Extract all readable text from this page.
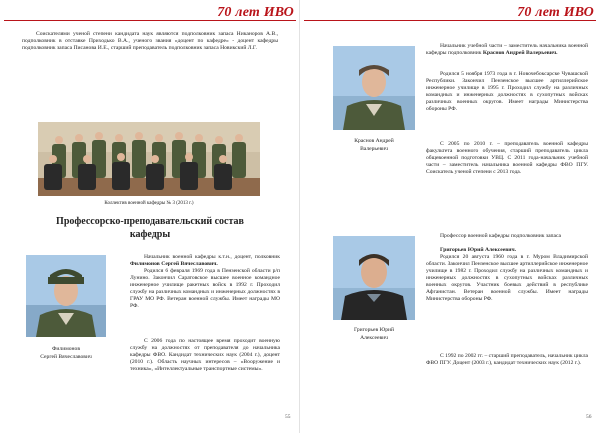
70 лет ИВО

Соискателями ученой степени кандидата наук являются подполковник запаса Никаноров А.В., подполковник в отставке Приходько В.А., ученого звания «доцент по кафедре» - доцент кафедры подполковник запаса Писанова И.Е., старший преподаватель подполковник запаса Новикский Л.Г.

Коллектив военной кафедры № 3 (2013 г.)
Профессорско-преподавательский состав
кафедры
Филимонов
Сергей Вячеславович

Начальник военной кафедры к.т.н., доцент, полковник Филимонов Сергей Вячеславович.

Родился 6 февраля 1969 года в Пензенской области р/п Лунино. Закончил Саратовское высшее военное командное инженерное училище ракетных войск в 1992 г. Проходил службу на различных командных и инженерных должностях в ГРАУ МО РФ. Ветеран военной службы. Имеет награды МО РФ.

С 2006 года по настоящее время проходит военную службу на должностях от преподавателя до начальника кафедры ФВО. Кандидат технических наук (2004 г.), доцент (2010 г.). Область научных интересов – «Вооружение и техника», «Интеллектуальные транспортные системы».

55
70 лет ИВО
Краснов Андрей
Валерьевич

Начальник учебной части – заместитель начальника военной кафедры подполковник Краснов Андрей Валерьевич.

Родился 5 ноября 1973 года в г. Новочебоксарске Чувашской Республики. Закончил Пензенское высшее артиллерийское инженерное училище в 1995 г. Проходил службу на различных командных и инженерных должностях в сухопутных войсках различных военных округов. Имеет награды Министерства обороны РФ.

С 2005 по 2010 г. – преподаватель военной кафедры факультета военного обучения, старший преподаватель цикла общевоенной подготовки УВЦ. С 2011 года-начальник учебной части – заместитель начальника военной кафедры ФВО ПГУ. Соискатель ученой степени с 2013 года.

Григорьев Юрий
Алексеевич

Профессор военной кафедры подполковник запаса

Григорьев Юрий Алексеевич.

Родился 20 августа 1960 года в г. Муром Владимирской области. Закончил Пензенское высшее артиллерийское инженерное училище в 1982 г. Проходил службу на различных командных и инженерных должностях в сухопутных войсках различных военных округов. Участник боевых действий в республике Афганистан. Ветеран военной службы. Имеет награды Министерства обороны РФ.

С 1992 по 2002 гг. – старший преподаватель, начальник цикла ФВО ПГУ. Доцент (2003 г.), кандидат технических наук (2012 г.).

56
